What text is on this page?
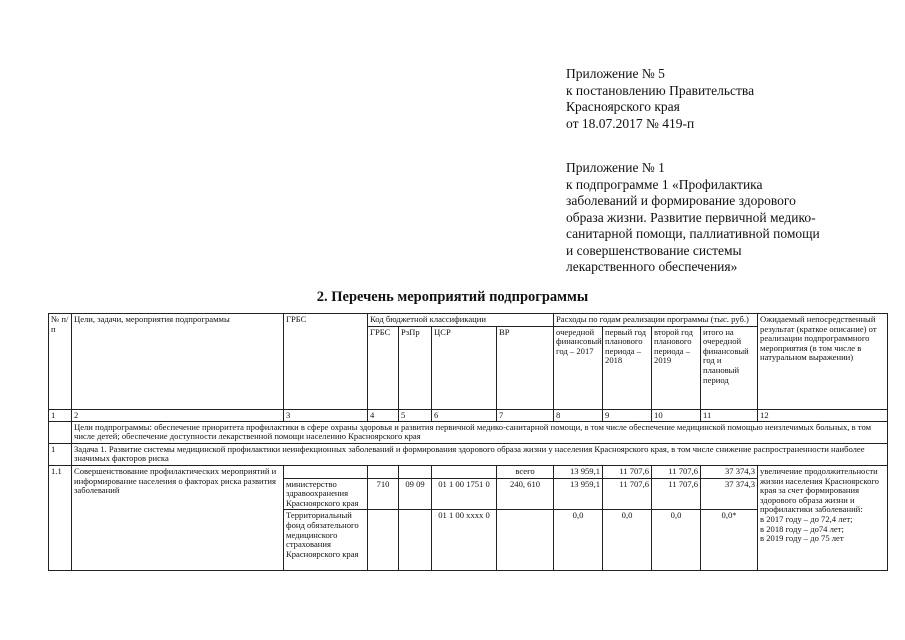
Приложение № 5
к постановлению Правительства
Красноярского края
от 18.07.2017 № 419-п
Приложение № 1
к подпрограмме 1 «Профилактика
заболеваний и формирование здорового
образа жизни. Развитие первичной медико-
санитарной помощи, паллиативной помощи
и совершенствование системы
лекарственного обеспечения»
2. Перечень мероприятий подпрограммы
№ п/п	Цели, задачи, мероприятия подпрограммы	ГРБС	Код бюджетной классификации				Расходы по годам реализации программы (тыс. руб.)				Ожидаемый непосредственный результат (краткое описание) от реализации подпрограммного мероприятия (в том числе в натуральном выражении)
			ГРБС	РзПр	ЦСР	ВР	очередной финансовый год – 2017	первый год планового периода – 2018	второй год планового периода – 2019	итого на очередной финансовый год и плановый период	
1	2	3	4	5	6	7	8	9	10	11	12
	Цели подпрограммы: обеспечение приоритета профилактики в сфере охраны здоровья и развития первичной медико-санитарной помощи, в том числе обеспечение медицинской помощью неизлечимых больных, в том числе детей; обеспечение доступности лекарственной помощи населению Красноярского края										
1	Задача 1. Развитие системы медицинской профилактики неинфекционных заболеваний и формирования здорового образа жизни у населения Красноярского края, в том числе снижение распространенности наиболее значимых факторов риска										
1.1	Совершенствование профилактических мероприятий и информирование населения о факторах риска развития заболеваний					всего	13 959,1	11 707,6	11 707,6	37 374,3	увеличение продолжительности жизни населения Красноярского края за счет формирования здорового образа жизни и профилактики заболеваний:
в 2017 году – до 72,4 лет;
в 2018 году – до74 лет;
в 2019 году – до 75 лет

		министерство здравоохранения Красноярского края	710	09 09	01 1 00 1751 0	240, 610	13 959,1	11 707,6	11 707,6	37 374,3	
		Территориальный фонд обязательного медицинского страхования Красноярского края			01 1 00 хххх 0		0,0	0,0	0,0	0,0*	
